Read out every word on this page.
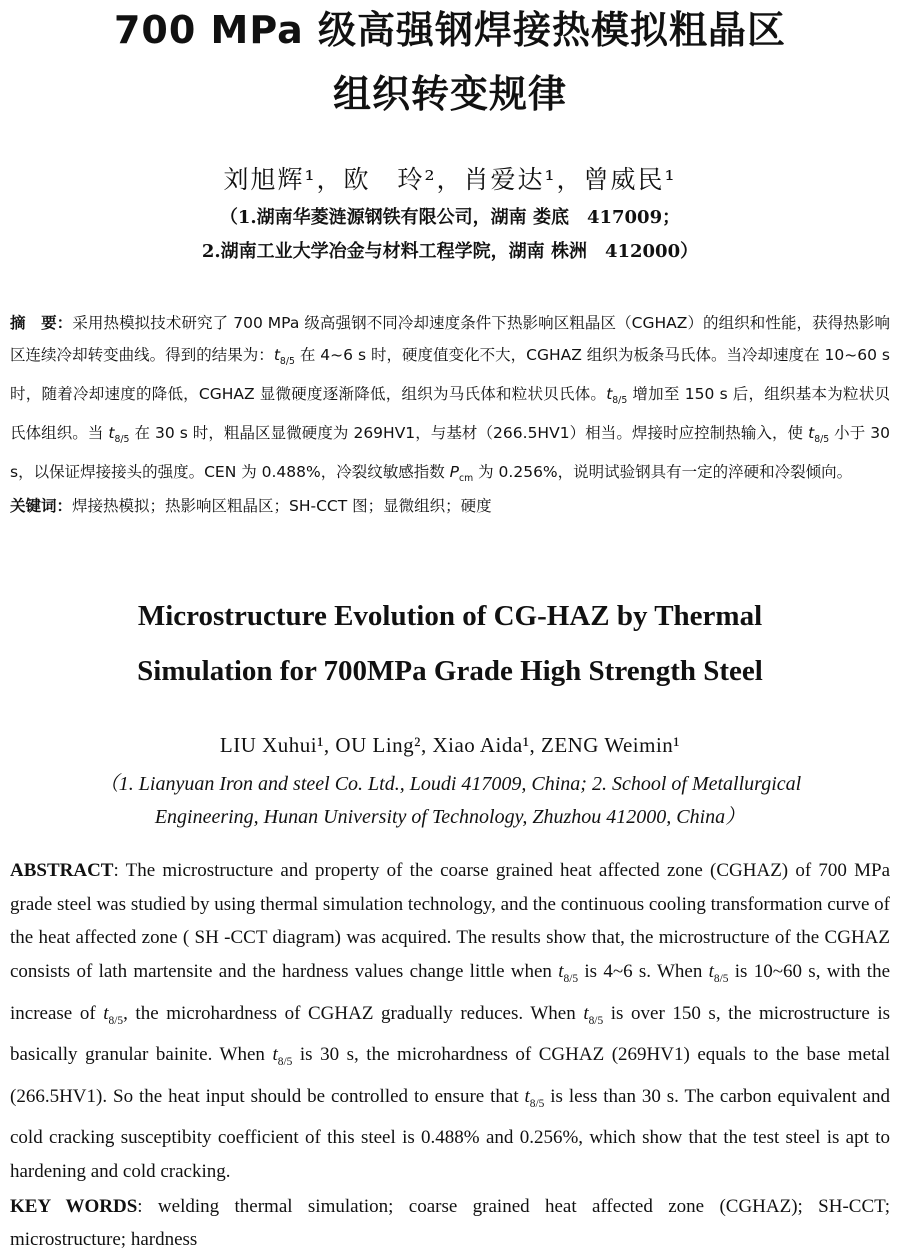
700 MPa 级高强钢焊接热模拟粗晶区
组织转变规律
刘旭辉¹，欧　玲²，肖爱达¹，曾威民¹
（1.湖南华菱涟源钢铁有限公司，湖南 娄底　417009；
2.湖南工业大学冶金与材料工程学院，湖南 株洲　412000）

摘　要：采用热模拟技术研究了 700 MPa 级高强钢不同冷却速度条件下热影响区粗晶区（CGHAZ）的组织和性能，获得热影响区连续冷却转变曲线。得到的结果为：$t_{8/5}$ 在 4~6 s 时，硬度值变化不大，CGHAZ 组织为板条马氏体。当冷却速度在 10~60 s 时，随着冷却速度的降低，CGHAZ 显微硬度逐渐降低，组织为马氏体和粒状贝氏体。$t_{8/5}$ 增加至 150 s 后，组织基本为粒状贝氏体组织。当 $t_{8/5}$ 在 30 s 时，粗晶区显微硬度为 269HV1，与基材（266.5HV1）相当。焊接时应控制热输入，使 $t_{8/5}$ 小于 30 s，以保证焊接接头的强度。CEN 为 0.488%，冷裂纹敏感指数 $P_{cm}$ 为 0.256%，说明试验钢具有一定的淬硬和冷裂倾向。

关键词：焊接热模拟；热影响区粗晶区；SH-CCT 图；显微组织；硬度
Microstructure Evolution of CG-HAZ by Thermal
Simulation for 700MPa Grade High Strength Steel
LIU Xuhui¹, OU Ling², Xiao Aida¹, ZENG Weimin¹
（1. Lianyuan Iron and steel Co. Ltd., Loudi 417009, China; 2. School of Metallurgical
Engineering, Hunan University of Technology, Zhuzhou 412000, China）

ABSTRACT: The microstructure and property of the coarse grained heat affected zone (CGHAZ) of 700 MPa grade steel was studied by using thermal simulation technology, and the continuous cooling transformation curve of the heat affected zone ( SH -CCT diagram) was acquired. The results show that, the microstructure of the CGHAZ consists of lath martensite and the hardness values change little when $t_{8/5}$ is 4~6 s. When $t_{8/5}$ is 10~60 s, with the increase of $t_{8/5}$, the microhardness of CGHAZ gradually reduces. When $t_{8/5}$ is over 150 s, the microstructure is basically granular bainite. When $t_{8/5}$ is 30 s, the microhardness of CGHAZ (269HV1) equals to the base metal (266.5HV1). So the heat input should be controlled to ensure that $t_{8/5}$ is less than 30 s. The carbon equivalent and cold cracking susceptibity coefficient of this steel is 0.488% and 0.256%, which show that the test steel is apt to hardening and cold cracking.

KEY WORDS: welding thermal simulation; coarse grained heat affected zone (CGHAZ); SH-CCT; microstructure; hardness
